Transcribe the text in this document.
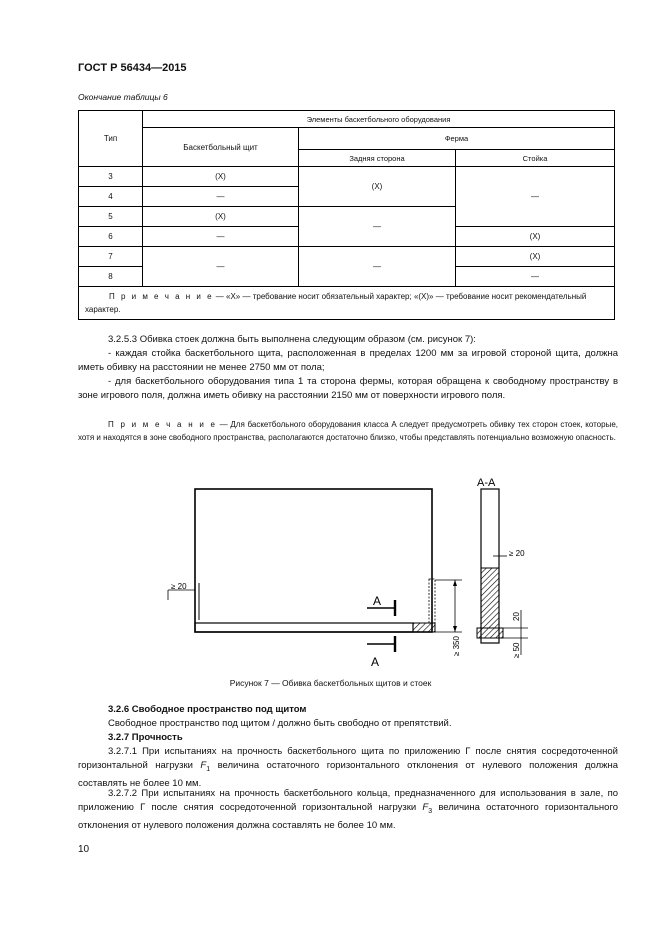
ГОСТ Р 56434—2015
Окончание таблицы 6
Тип	Элементы баскетбольного оборудования		
	Баскетбольный щит	Ферма	
		Задняя сторона	Стойка
3	(X)	(X)	—
4	—		
5	(X)	—	
6	—		(X)
7	—	—	(X)
8			—
П р и м е ч а н и е — «X» — требование носит обязательный характер; «(X)» — требование носит рекомендательный характер.			
3.2.5.3 Обивка стоек должна быть выполнена следующим образом (см. рисунок 7):
- каждая стойка баскетбольного щита, расположенная в пределах 1200 мм за игровой стороной щита, должна иметь обивку на расстоянии не менее 2750 мм от пола;
- для баскетбольного оборудования типа 1 та сторона фермы, которая обращена к свободному пространству в зоне игрового поля, должна иметь обивку на расстоянии 2150 мм от поверхности игрового поля.
П р и м е ч а н и е — Для баскетбольного оборудования класса А следует предусмотреть обивку тех сторон стоек, которые, хотя и находятся в зоне свободного пространства, располагаются достаточно близко, чтобы представлять потенциально возможную опасность.
≥ 20
≥ 350
А
А
А-А
≥ 20
20
≥ 50
Рисунок 7 — Обивка баскетбольных щитов и стоек
3.2.6 Свободное пространство под щитом
Свободное пространство под щитом / должно быть свободно от препятствий.
3.2.7 Прочность
3.2.7.1 При испытаниях на прочность баскетбольного щита по приложению Г после снятия сосредоточенной горизонтальной нагрузки $F_1$ величина остаточного горизонтального отклонения от нулевого положения должна составлять не более 10 мм.
3.2.7.2 При испытаниях на прочность баскетбольного кольца, предназначенного для использования в зале, по приложению Г после снятия сосредоточенной горизонтальной нагрузки $F_3$ величина остаточного горизонтального отклонения от нулевого положения должна составлять не более 10 мм.
10
